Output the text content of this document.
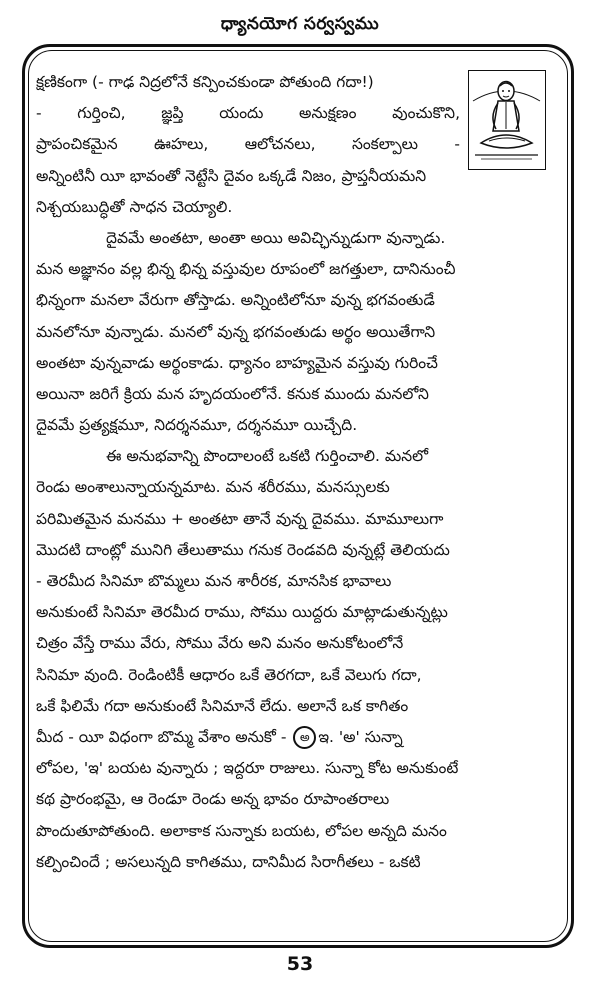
ధ్యానయోగ సర్వస్వము
క్షణికంగా (- గాఢ నిద్రలోనే కన్పించకుండా పోతుంది గదా!)
- గుర్తించి, జ్ఞప్తి యందు అనుక్షణం వుంచుకొని,
ప్రాపంచికమైన ఊహలు, ఆలోచనలు, సంకల్పాలు -
అన్నింటినీ యీ భావంతో నెట్టేసి దైవం ఒక్కడే నిజం, ప్రాప్తనీయమని
నిశ్చయబుద్ధితో సాధన చెయ్యాలి.
దైవమే అంతటా, అంతా అయి అవిచ్ఛిన్నుడుగా వున్నాడు.
మన అజ్ఞానం వల్ల భిన్న భిన్న వస్తువుల రూపంలో జగత్తులా, దానినుంచీ
భిన్నంగా మనలా వేరుగా తోస్తాడు. అన్నింటిలోనూ వున్న భగవంతుడే
మనలోనూ వున్నాడు. మనలో వున్న భగవంతుడు అర్థం అయితేగాని
అంతటా వున్నవాడు అర్థంకాడు. ధ్యానం బాహ్యమైన వస్తువు గురించే
అయినా జరిగే క్రియ మన హృదయంలోనే. కనుక ముందు మనలోని
దైవమే ప్రత్యక్షమూ, నిదర్శనమూ, దర్శనమూ యిచ్చేది.
ఈ అనుభవాన్ని పొందాలంటే ఒకటి గుర్తించాలి. మనలో
రెండు అంశాలున్నాయన్నమాట. మన శరీరము, మనస్సులకు
పరిమితమైన మనము + అంతటా తానే వున్న దైవము. మామూలుగా
మొదటి దాంట్లో మునిగి తేలుతాము గనుక రెండవది వున్నట్లే తెలియదు
- తెరమీద సినిమా బొమ్మలు మన శారీరక, మానసిక భావాలు
అనుకుంటే సినిమా తెరమీద రాము, సోము యిద్దరు మాట్లాడుతున్నట్లు
చిత్రం వేస్తే రాము వేరు, సోము వేరు అని మనం అనుకోటంలోనే
సినిమా వుంది. రెండింటికీ ఆధారం ఒకే తెరగదా, ఒకే వెలుగు గదా,
ఒకే ఫిలిమే గదా అనుకుంటే సినిమానే లేదు. అలానే ఒక కాగితం
మీద - యీ విధంగా బొమ్మ వేశాం అనుకో - అ ఇ. 'అ' సున్నా
లోపల, 'ఇ' బయట వున్నారు ; ఇద్దరూ రాజులు. సున్నా కోట అనుకుంటే
కథ ప్రారంభమై, ఆ రెండూ రెండు అన్న భావం రూపాంతరాలు
పొందుతూపోతుంది. అలాకాక సున్నాకు బయట, లోపల అన్నది మనం
కల్పించిందే ; అసలున్నది కాగితము, దానిమీద సిరాగీతలు - ఒకటి
53
